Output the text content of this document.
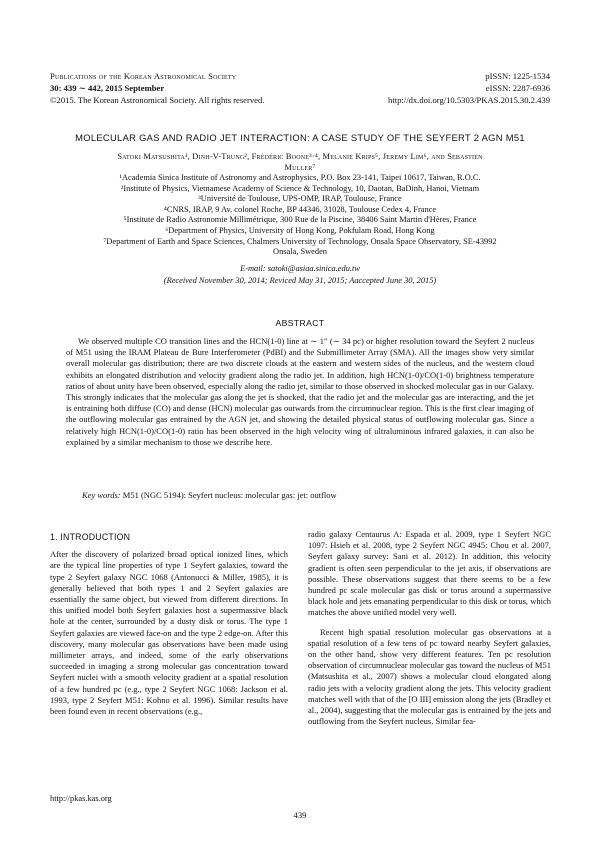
Publications of the Korean Astronomical Society
30: 439 ∼ 442, 2015 September
©2015. The Korean Astronomical Society. All rights reserved.
pISSN: 1225-1534
eISSN: 2287-6936
http://dx.doi.org/10.5303/PKAS.2015.30.2.439
MOLECULAR GAS AND RADIO JET INTERACTION: A CASE STUDY OF THE SEYFERT 2 AGN M51
Satoki Matsushita¹, Dinh-V-Trung², Frédéric Boone³·⁴, Melanie Krips⁵, Jeremy Lim⁶, and Sebastien
Muller⁷
¹Academia Sinica Institute of Astronomy and Astrophysics, P.O. Box 23-141, Taipei 10617, Taiwan, R.O.C.
²Institute of Physics, Vietnamese Academy of Science & Technology, 10, Daotan, BaDinh, Hanoi, Vietnam
³Université de Toulouse, UPS-OMP, IRAP, Toulouse, France
⁴CNRS, IRAP, 9 Av. colonel Roche, BP 44346, 31028, Toulouse Cedex 4, France
⁵Institute de Radio Astronomie Millimétrique, 300 Rue de la Piscine, 38406 Saint Martin d'Hères, France
⁶Department of Physics, University of Hong Kong, Pokfulam Road, Hong Kong
⁷Department of Earth and Space Sciences, Chalmers University of Technology, Onsala Space Observatory, SE-43992
Onsala, Sweden
E-mail: satoki@asiaa.sinica.edu.tw
(Received November 30, 2014; Reviced May 31, 2015; Aaccepted June 30, 2015)
ABSTRACT
We observed multiple CO transition lines and the HCN(1-0) line at ∼ 1″ (∼ 34 pc) or higher resolution toward the Seyfert 2 nucleus of M51 using the IRAM Plateau de Bure Interferometer (PdBI) and the Submillimeter Array (SMA). All the images show very similar overall molecular gas distribution; there are two discrete clouds at the eastern and western sides of the nucleus, and the western cloud exhibits an elongated distribution and velocity gradient along the radio jet. In addition, high HCN(1-0)/CO(1-0) brightness temperature ratios of about unity have been observed, especially along the radio jet, similar to those observed in shocked molecular gas in our Galaxy. This strongly indicates that the molecular gas along the jet is shocked, that the radio jet and the molecular gas are interacting, and the jet is entraining both diffuse (CO) and dense (HCN) molecular gas outwards from the circumnuclear region. This is the first clear imaging of the outflowing molecular gas entrained by the AGN jet, and showing the detailed physical status of outflowing molecular gas. Since a relatively high HCN(1-0)/CO(1-0) ratio has been observed in the high velocity wing of ultraluminous infrared galaxies, it can also be explained by a similar mechanism to those we describe here.
Key words: M51 (NGC 5194): Seyfert nucleus: molecular gas: jet: outflow
1. INTRODUCTION

After the discovery of polarized broad optical ionized lines, which are the typical line properties of type 1 Seyfert galaxies, toward the type 2 Seyfert galaxy NGC 1068 (Antonucci & Miller, 1985), it is generally believed that both types 1 and 2 Seyfert galaxies are essentially the same object, but viewed from different directions. In this unified model both Seyfert galaxies host a supermassive black hole at the center, surrounded by a dusty disk or torus. The type 1 Seyfert galaxies are viewed face-on and the type 2 edge-on. After this discovery, many molecular gas observations have been made using millimeter arrays, and indeed, some of the early observations succeeded in imaging a strong molecular gas concentration toward Seyfert nuclei with a smooth velocity gradient at a spatial resolution of a few hundred pc (e.g., type 2 Seyfert NGC 1068: Jackson et al. 1993, type 2 Seyfert M51: Kohno et al. 1996). Similar results have been found even in recent observations (e.g.,

radio galaxy Centaurus A: Espada et al. 2009, type 1 Seyfert NGC 1097: Hsieh et al. 2008, type 2 Seyfert NGC 4945: Chou et al. 2007, Seyfert galaxy survey: Sani et al. 2012). In addition, this velocity gradient is often seen perpendicular to the jet axis, if observations are possible. These observations suggest that there seems to be a few hundred pc scale molecular gas disk or torus around a supermassive black hole and jets emanating perpendicular to this disk or torus, which matches the above unified model very well.

Recent high spatial resolution molecular gas observations at a spatial resolution of a few tens of pc toward nearby Seyfert galaxies, on the other hand, show very different features. Ten pc resolution observation of circumnuclear molecular gas toward the nucleus of M51 (Matsushita et al., 2007) shows a molecular cloud elongated along radio jets with a velocity gradient along the jets. This velocity gradient matches well with that of the [O III] emission along the jets (Bradley et al., 2004), suggesting that the molecular gas is entrained by the jets and outflowing from the Seyfert nucleus. Similar fea-

http://pkas.kas.org
439
